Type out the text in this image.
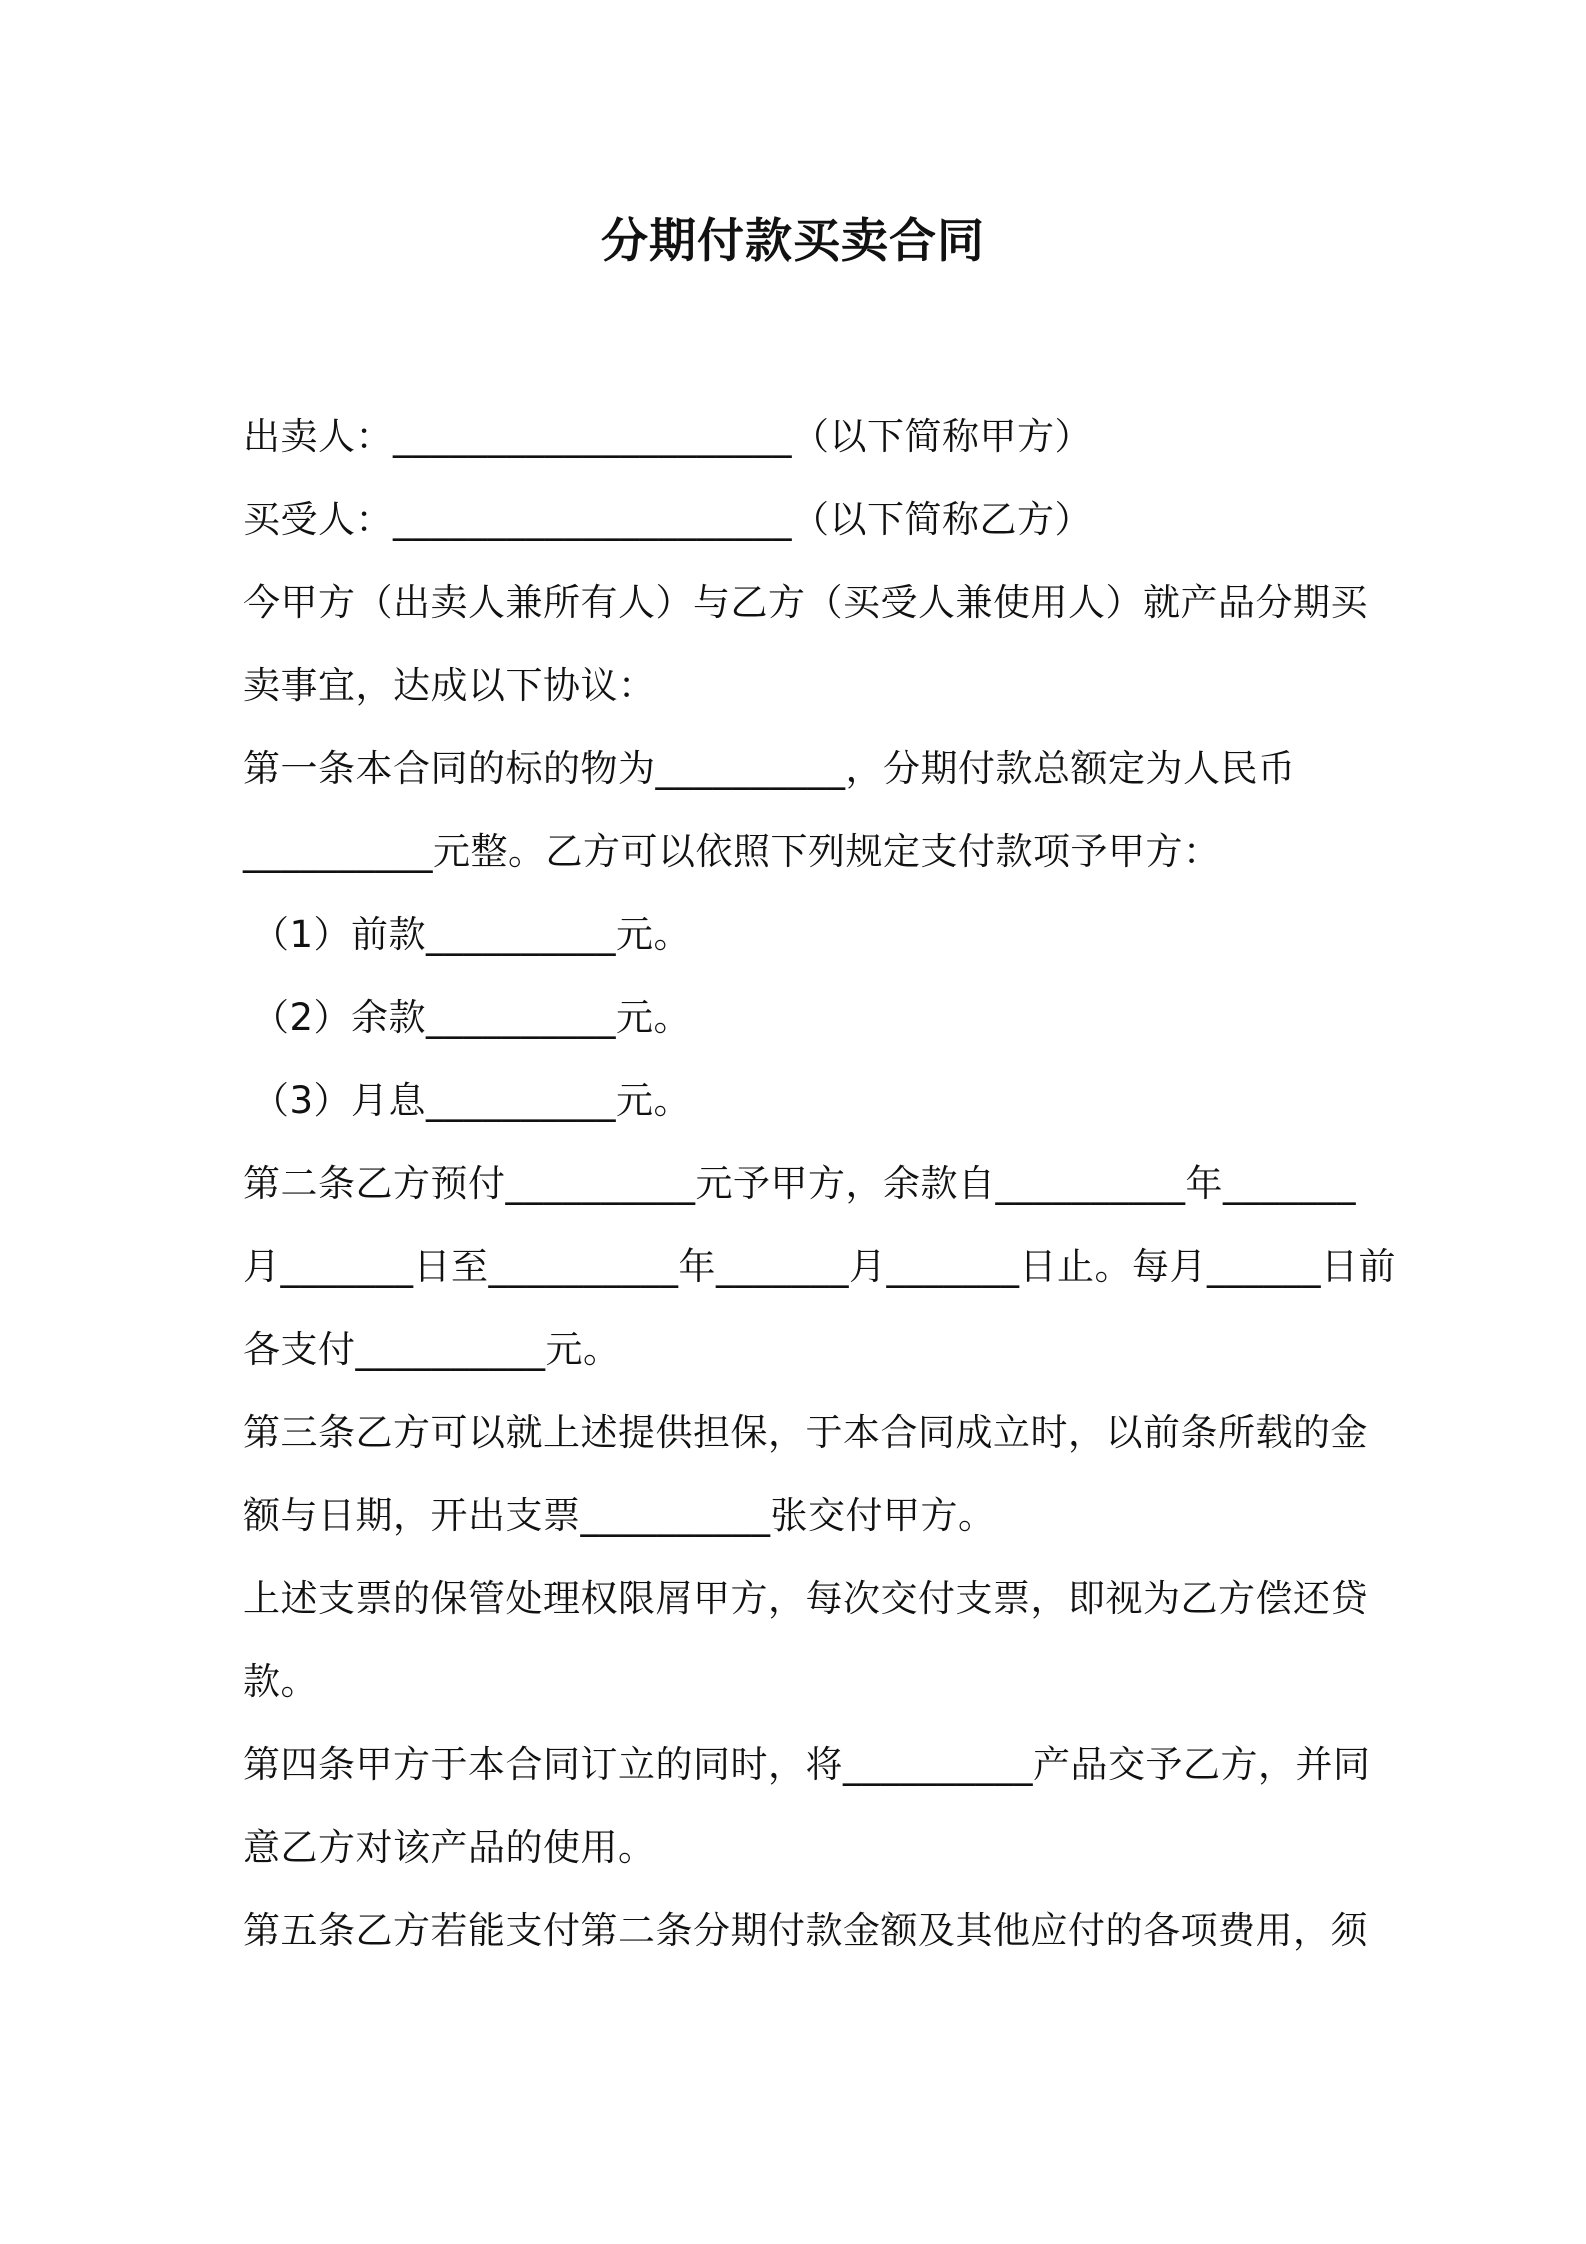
分期付款买卖合同
出卖人：_____________________（以下简称甲方）
买受人：_____________________（以下简称乙方）
今甲方（出卖人兼所有人）与乙方（买受人兼使用人）就产品分期买
卖事宜，达成以下协议：
第一条本合同的标的物为__________，分期付款总额定为人民币
__________元整。乙方可以依照下列规定支付款项予甲方：
（1）前款__________元。
（2）余款__________元。
（3）月息__________元。
第二条乙方预付__________元予甲方，余款自__________年_______
月_______日至__________年_______月_______日止。每月______日前
各支付__________元。
第三条乙方可以就上述提供担保，于本合同成立时，以前条所载的金
额与日期，开出支票__________张交付甲方。
上述支票的保管处理权限屑甲方，每次交付支票，即视为乙方偿还贷
款。
第四条甲方于本合同订立的同时，将__________产品交予乙方，并同
意乙方对该产品的使用。
第五条乙方若能支付第二条分期付款金额及其他应付的各项费用，须
